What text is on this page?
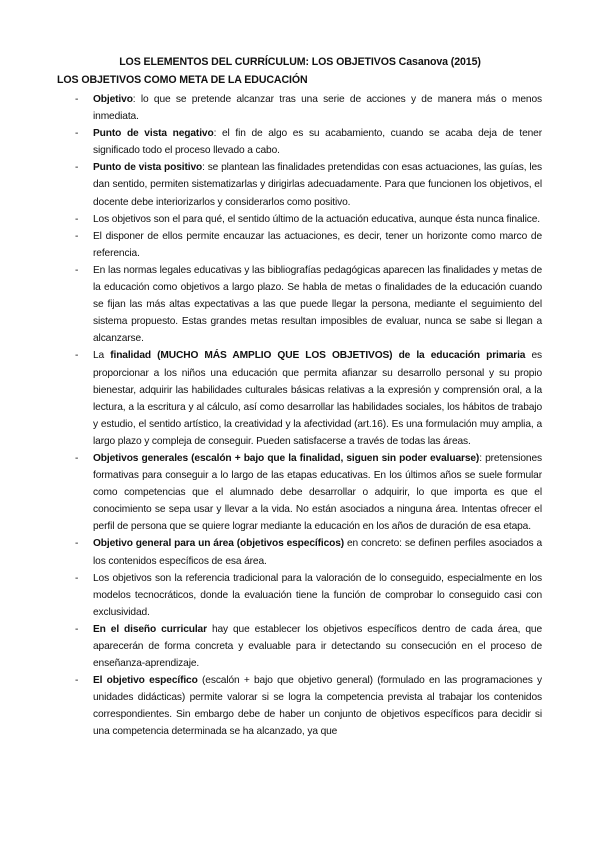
LOS ELEMENTOS DEL CURRÍCULUM: LOS OBJETIVOS Casanova (2015)
LOS OBJETIVOS COMO META DE LA EDUCACIÓN
- Objetivo: lo que se pretende alcanzar tras una serie de acciones y de manera más o menos inmediata.
- Punto de vista negativo: el fin de algo es su acabamiento, cuando se acaba deja de tener significado todo el proceso llevado a cabo.
- Punto de vista positivo: se plantean las finalidades pretendidas con esas actuaciones, las guías, les dan sentido, permiten sistematizarlas y dirigirlas adecuadamente. Para que funcionen los objetivos, el docente debe interiorizarlos y considerarlos como positivo.
- Los objetivos son el para qué, el sentido último de la actuación educativa, aunque ésta nunca finalice.
- El disponer de ellos permite encauzar las actuaciones, es decir, tener un horizonte como marco de referencia.
- En las normas legales educativas y las bibliografías pedagógicas aparecen las finalidades y metas de la educación como objetivos a largo plazo. Se habla de metas o finalidades de la educación cuando se fijan las más altas expectativas a las que puede llegar la persona, mediante el seguimiento del sistema propuesto. Estas grandes metas resultan imposibles de evaluar, nunca se sabe si llegan a alcanzarse.
- La finalidad (MUCHO MÁS AMPLIO QUE LOS OBJETIVOS) de la educación primaria es proporcionar a los niños una educación que permita afianzar su desarrollo personal y su propio bienestar, adquirir las habilidades culturales básicas relativas a la expresión y comprensión oral, a la lectura, a la escritura y al cálculo, así como desarrollar las habilidades sociales, los hábitos de trabajo y estudio, el sentido artístico, la creatividad y la afectividad (art.16). Es una formulación muy amplia, a largo plazo y compleja de conseguir. Pueden satisfacerse a través de todas las áreas.
- Objetivos generales (escalón + bajo que la finalidad, siguen sin poder evaluarse): pretensiones formativas para conseguir a lo largo de las etapas educativas. En los últimos años se suele formular como competencias que el alumnado debe desarrollar o adquirir, lo que importa es que el conocimiento se sepa usar y llevar a la vida. No están asociados a ninguna área. Intentas ofrecer el perfil de persona que se quiere lograr mediante la educación en los años de duración de esa etapa.
- Objetivo general para un área (objetivos específicos) en concreto: se definen perfiles asociados a los contenidos específicos de esa área.
- Los objetivos son la referencia tradicional para la valoración de lo conseguido, especialmente en los modelos tecnocráticos, donde la evaluación tiene la función de comprobar lo conseguido casi con exclusividad.
- En el diseño curricular hay que establecer los objetivos específicos dentro de cada área, que aparecerán de forma concreta y evaluable para ir detectando su consecución en el proceso de enseñanza-aprendizaje.
- El objetivo específico (escalón + bajo que objetivo general) (formulado en las programaciones y unidades didácticas) permite valorar si se logra la competencia prevista al trabajar los contenidos correspondientes. Sin embargo debe de haber un conjunto de objetivos específicos para decidir si una competencia determinada se ha alcanzado, ya que
